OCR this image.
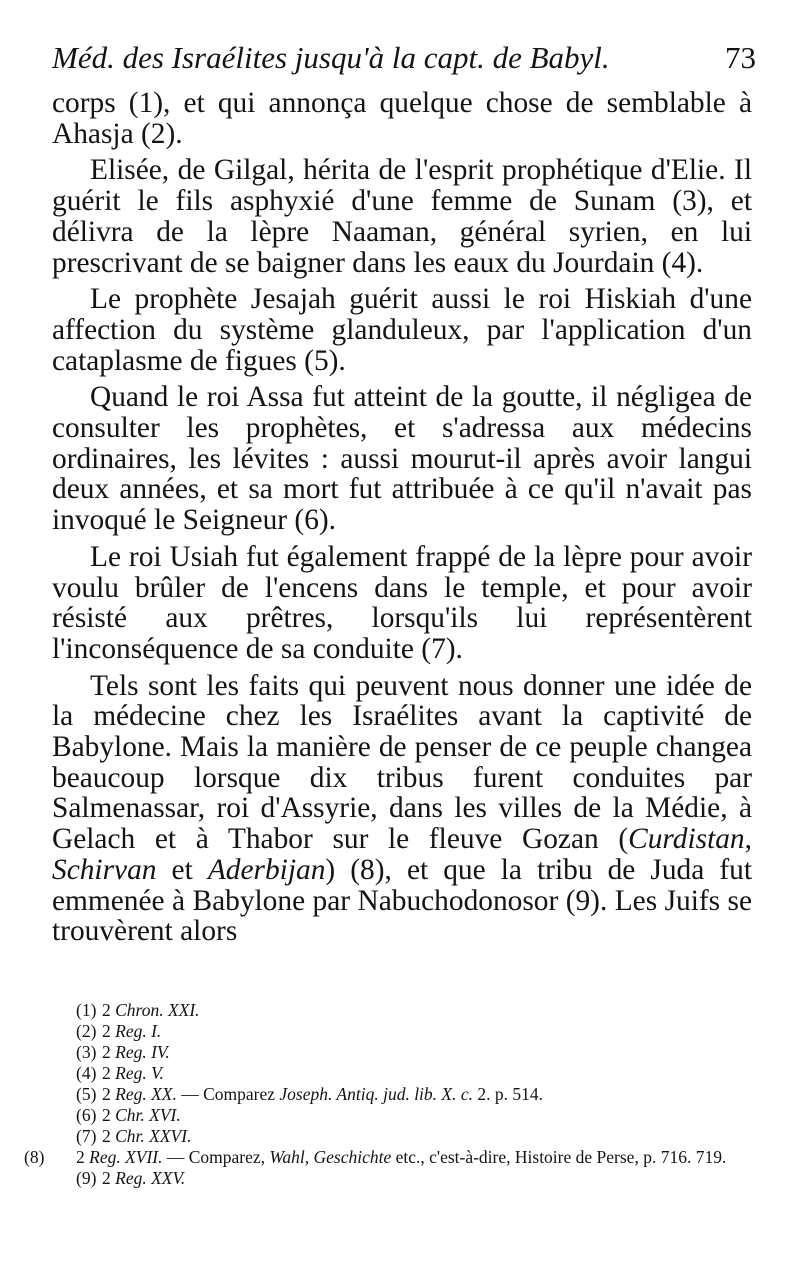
Méd. des Israélites jusqu'à la capt. de Babyl.	73

corps (1), et qui annonça quelque chose de semblable à Ahasja (2).

Elisée, de Gilgal, hérita de l'esprit prophétique d'Elie. Il guérit le fils asphyxié d'une femme de Sunam (3), et délivra de la lèpre Naaman, général syrien, en lui prescrivant de se baigner dans les eaux du Jourdain (4).

Le prophète Jesajah guérit aussi le roi Hiskiah d'une affection du système glanduleux, par l'application d'un cataplasme de figues (5).

Quand le roi Assa fut atteint de la goutte, il négligea de consulter les prophètes, et s'adressa aux médecins ordinaires, les lévites : aussi mourut-il après avoir langui deux années, et sa mort fut attribuée à ce qu'il n'avait pas invoqué le Seigneur (6).

Le roi Usiah fut également frappé de la lèpre pour avoir voulu brûler de l'encens dans le temple, et pour avoir résisté aux prêtres, lorsqu'ils lui représentèrent l'inconséquence de sa conduite (7).

Tels sont les faits qui peuvent nous donner une idée de la médecine chez les Israélites avant la captivité de Babylone. Mais la manière de penser de ce peuple changea beaucoup lorsque dix tribus furent conduites par Salmenassar, roi d'Assyrie, dans les villes de la Médie, à Gelach et à Thabor sur le fleuve Gozan (Curdistan, Schirvan et Aderbijan) (8), et que la tribu de Juda fut emmenée à Babylone par Nabuchodonosor (9). Les Juifs se trouvèrent alors

(1) 2 Chron. XXI.
(2) 2 Reg. I.
(3) 2 Reg. IV.
(4) 2 Reg. V.
(5) 2 Reg. XX. — Comparez Joseph. Antiq. jud. lib. X. c. 2. p. 514.
(6) 2 Chr. XVI.
(7) 2 Chr. XXVI.
(8) 2 Reg. XVII. — Comparez, Wahl, Geschichte etc., c'est-à-dire, Histoire de Perse, p. 716. 719.
(9) 2 Reg. XXV.
